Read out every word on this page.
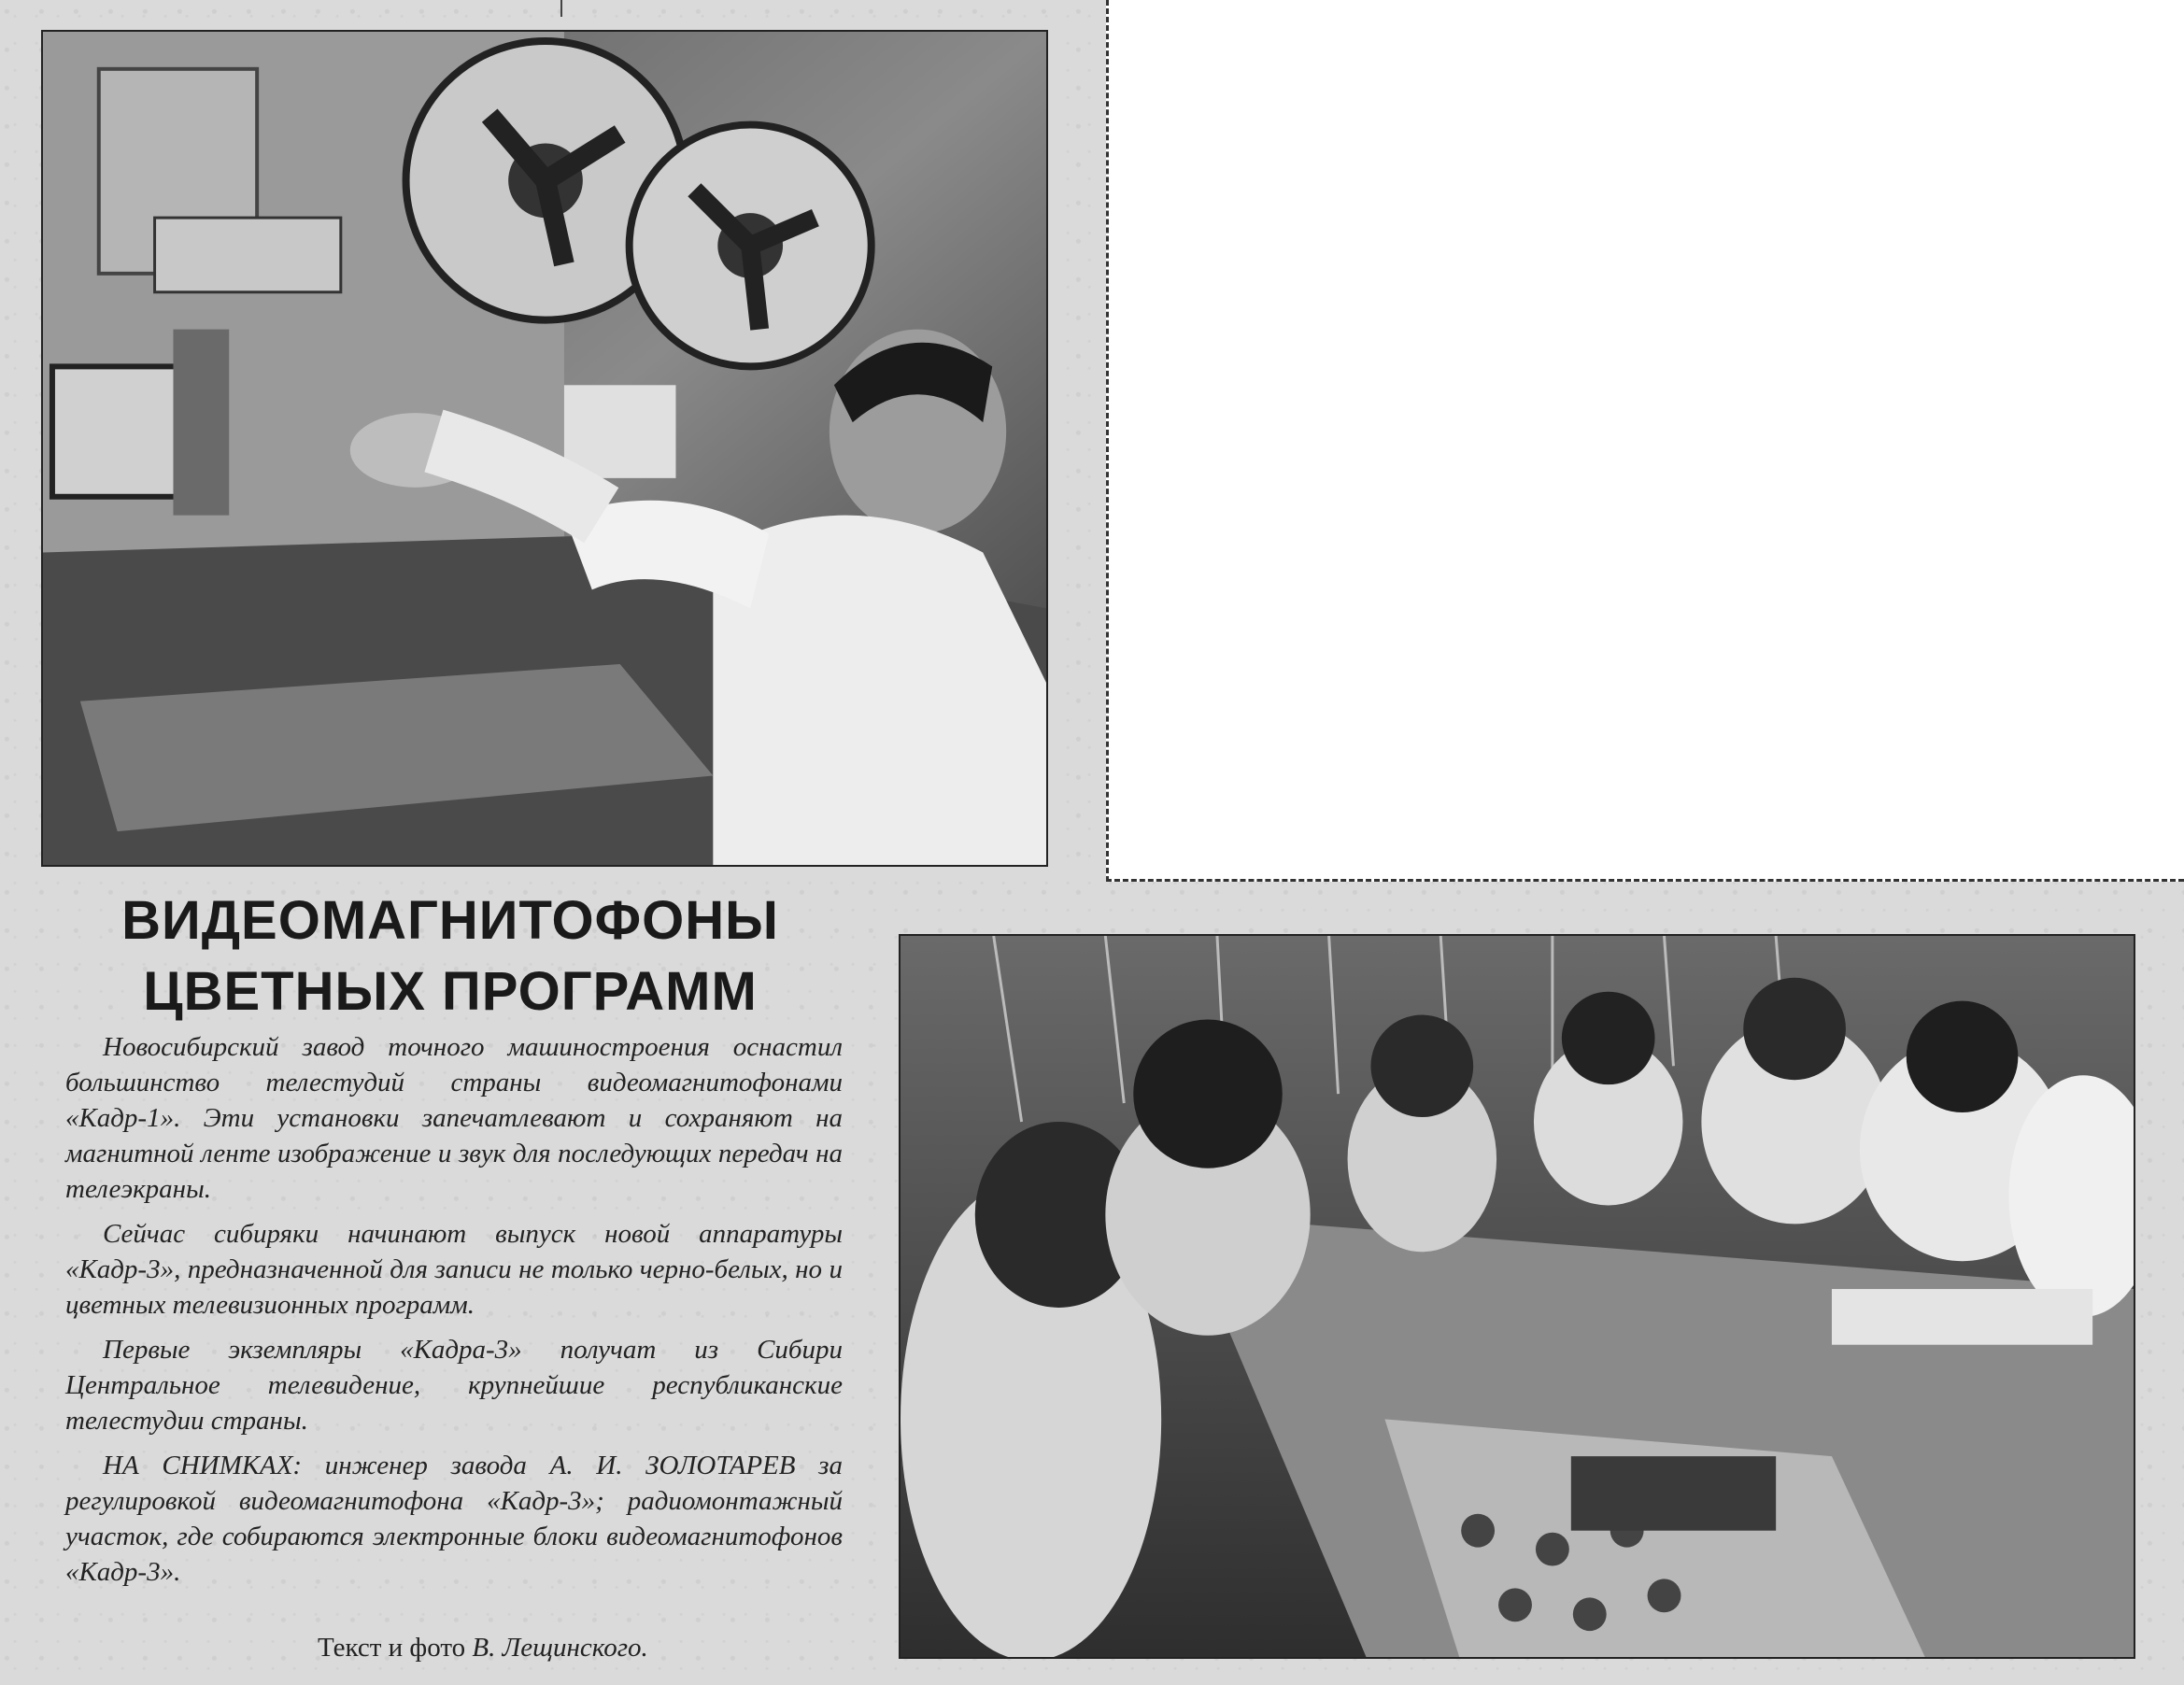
ВИДЕОМАГНИТОФОНЫ
ЦВЕТНЫХ ПРОГРАММ

Новосибирский завод точного машиностроения оснастил большинство телестудий страны видеомагнитофонами «Кадр-1». Эти установки запечатлевают и сохраняют на магнитной ленте изображение и звук для последующих передач на телеэкраны.

Сейчас сибиряки начинают выпуск новой аппаратуры «Кадр-3», предназначенной для записи не только черно-белых, но и цветных телевизионных программ.

Первые экземпляры «Кадра-3» получат из Сибири Центральное телевидение, крупнейшие республиканские телестудии страны.

НА СНИМКАХ: инженер завода А. И. ЗОЛОТАРЕВ за регулировкой видеомагнитофона «Кадр-3»; радиомонтажный участок, где собираются электронные блоки видеомагнитофонов «Кадр-3».

Текст и фото В. Лещинского.
